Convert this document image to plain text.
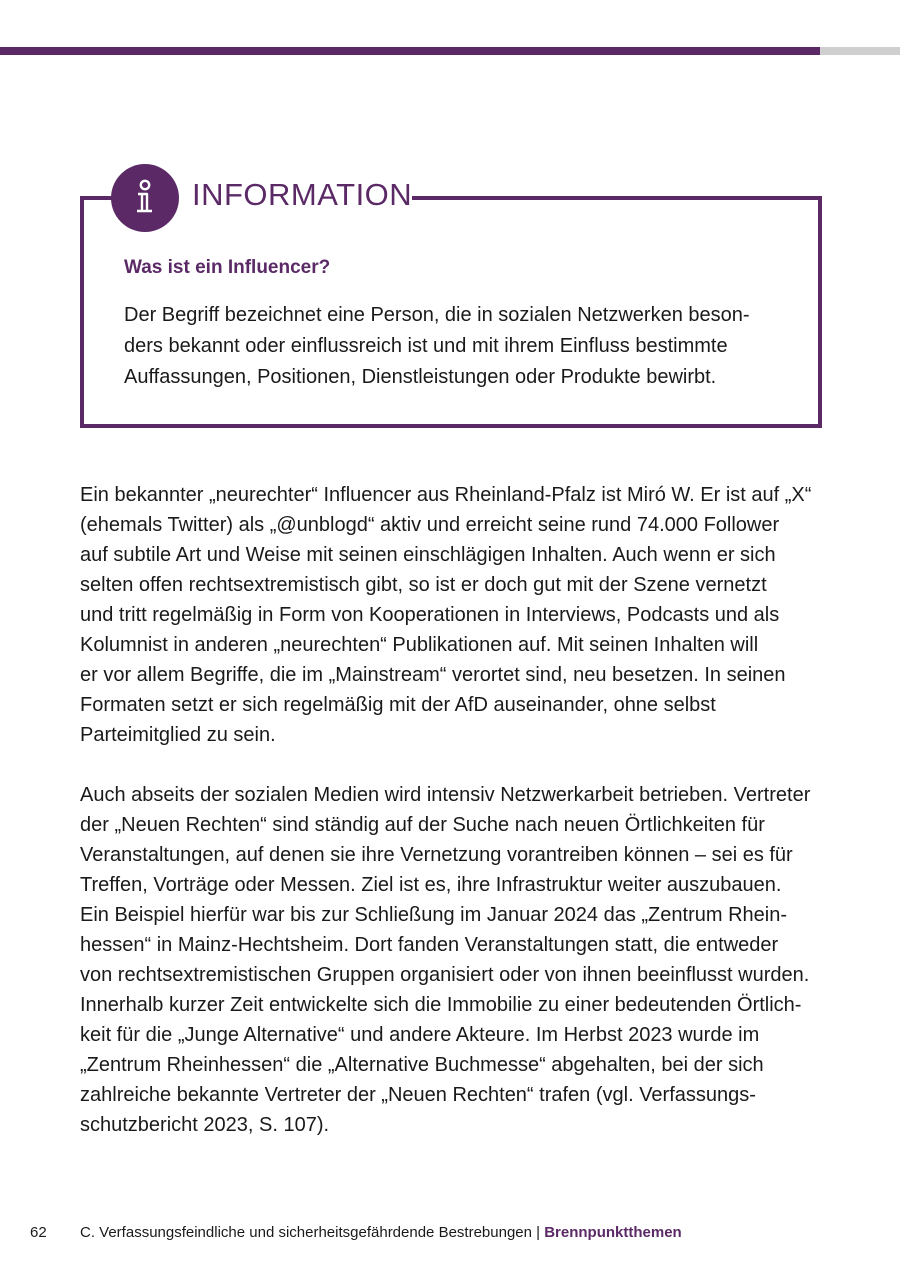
INFORMATION
Was ist ein Influencer?
Der Begriff bezeichnet eine Person, die in sozialen Netzwerken beson-
ders bekannt oder einflussreich ist und mit ihrem Einfluss bestimmte
Auffassungen, Positionen, Dienstleistungen oder Produkte bewirbt.
Ein bekannter „neurechter“ Influencer aus Rheinland-Pfalz ist Miró W. Er ist auf „X“
(ehemals Twitter) als „@unblogd“ aktiv und erreicht seine rund 74.000 Follower
auf subtile Art und Weise mit seinen einschlägigen Inhalten. Auch wenn er sich
selten offen rechtsextremistisch gibt, so ist er doch gut mit der Szene vernetzt
und tritt regelmäßig in Form von Kooperationen in Interviews, Podcasts und als
Kolumnist in anderen „neurechten“ Publikationen auf. Mit seinen Inhalten will
er vor allem Begriffe, die im „Mainstream“ verortet sind, neu besetzen. In seinen
Formaten setzt er sich regelmäßig mit der AfD auseinander, ohne selbst
Parteimitglied zu sein.
Auch abseits der sozialen Medien wird intensiv Netzwerkarbeit betrieben. Vertreter
der „Neuen Rechten“ sind ständig auf der Suche nach neuen Örtlichkeiten für
Veranstaltungen, auf denen sie ihre Vernetzung vorantreiben können – sei es für
Treffen, Vorträge oder Messen. Ziel ist es, ihre Infrastruktur weiter auszubauen.
Ein Beispiel hierfür war bis zur Schließung im Januar 2024 das „Zentrum Rhein-
hessen“ in Mainz-Hechtsheim. Dort fanden Veranstaltungen statt, die entweder
von rechtsextremistischen Gruppen organisiert oder von ihnen beeinflusst wurden.
Innerhalb kurzer Zeit entwickelte sich die Immobilie zu einer bedeutenden Örtlich-
keit für die „Junge Alternative“ und andere Akteure. Im Herbst 2023 wurde im
„Zentrum Rheinhessen“ die „Alternative Buchmesse“ abgehalten, bei der sich
zahlreiche bekannte Vertreter der „Neuen Rechten“ trafen (vgl. Verfassungs-
schutzbericht 2023, S. 107).
62 C. Verfassungsfeindliche und sicherheitsgefährdende Bestrebungen | Brennpunktthemen
